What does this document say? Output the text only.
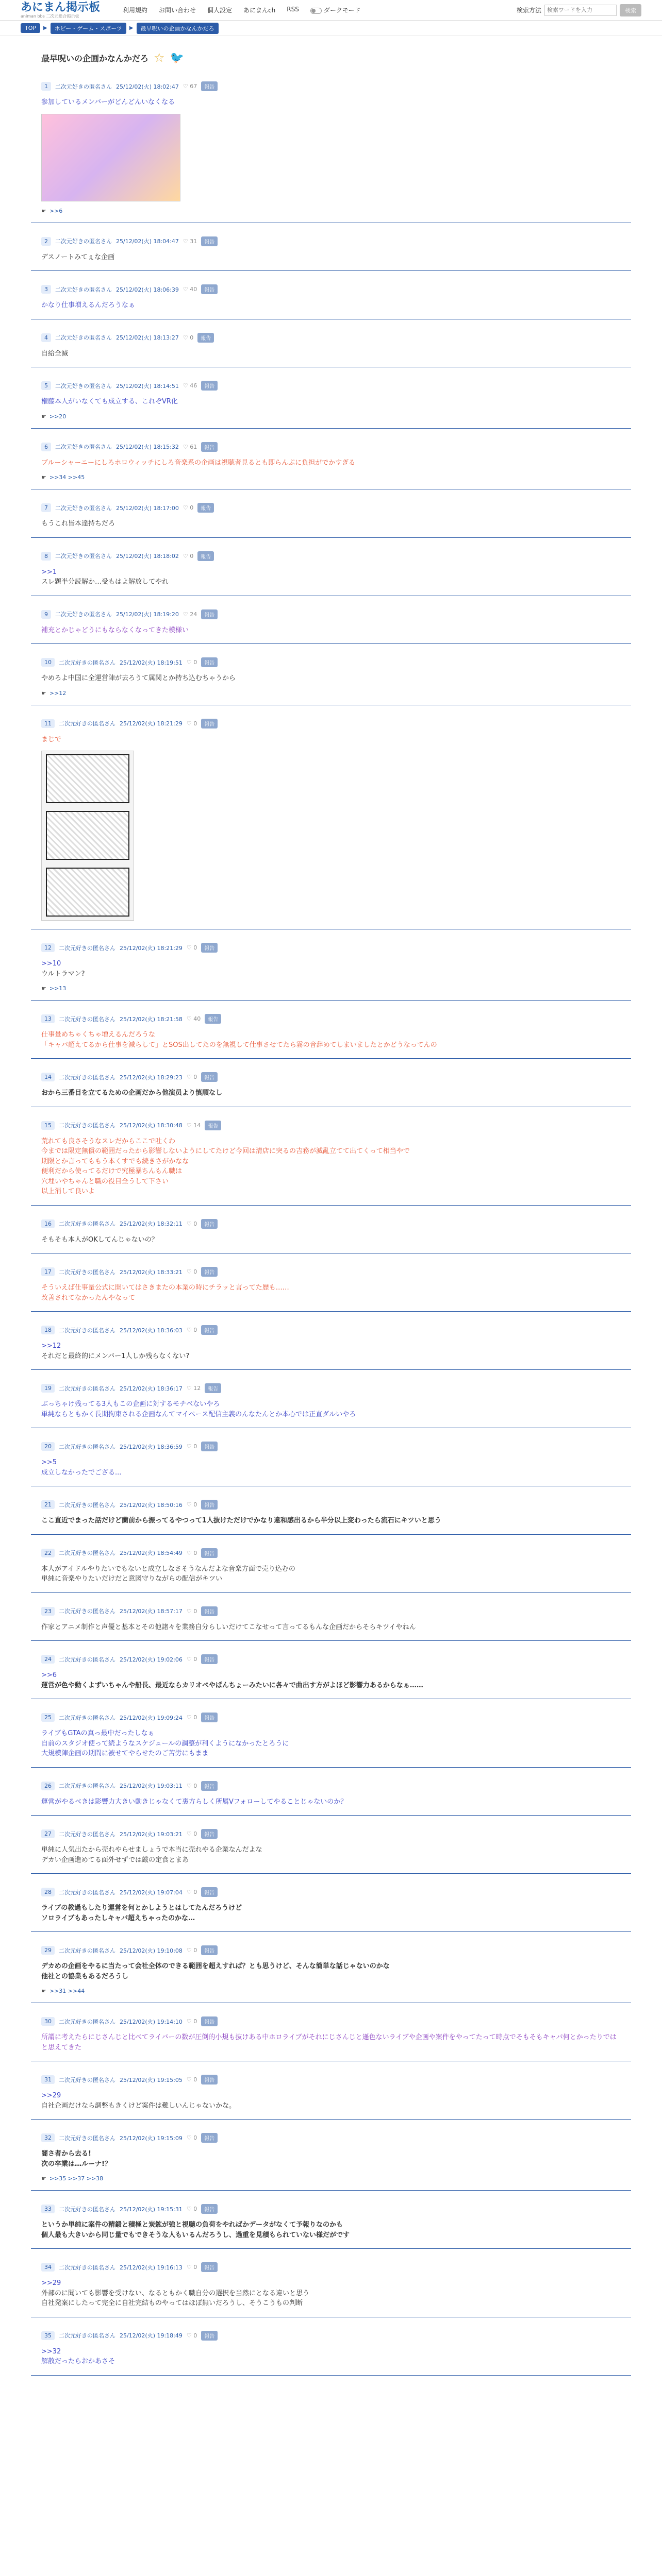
あにまん掲示板
animan bbs 二次元総合掲示板
利用規約 お問い合わせ 個人設定 あにまんch RSS	ダークモード	検索方法
検索ワードを入力	検索
TOP	▶	ホビー・ゲーム・スポーツ	▶	最早呪いの企画かなんかだろ
最早呪いの企画かなんかだろ ☆ 🐦
1	二次元好きの匿名さん 25/12/02(火) 18:02:47 ♡ 67	報告
参加しているメンバーがどんどんいなくなる
☛ >>6
2	二次元好きの匿名さん 25/12/02(火) 18:04:47 ♡ 31	報告
デスノートみてぇな企画
3	二次元好きの匿名さん 25/12/02(火) 18:06:39 ♡ 40	報告
かなり仕事増えるんだろうなぁ
4	二次元好きの匿名さん 25/12/02(火) 18:13:27 ♡ 0	報告
自給全滅
5	二次元好きの匿名さん 25/12/02(火) 18:14:51 ♡ 46	報告
権藤本人がいなくても成立する、これぞVR化
☛ >>20
6	二次元好きの匿名さん 25/12/02(火) 18:15:32 ♡ 61	報告
ブルーシャーニーにしろホロウィッチにしろ音楽系の企画は視聴者見るとも即らんぷに負担がでかすぎる
☛ >>34 >>45
7	二次元好きの匿名さん 25/12/02(火) 18:17:00 ♡ 0	報告
もうこれ皆本達持ちだろ
8	二次元好きの匿名さん 25/12/02(火) 18:18:02 ♡ 0	報告
>>1
スレ題半分読解か…受もはよ解放してやれ
9	二次元好きの匿名さん 25/12/02(火) 18:19:20 ♡ 24	報告
補充とかじゃどうにもならなくなってきた模様い
10	二次元好きの匿名さん 25/12/02(火) 18:19:51 ♡ 0	報告
やめろよ中国に全運営陣が去ろうて属関とか持ち込むちゃうから
☛ >>12
11	二次元好きの匿名さん 25/12/02(火) 18:21:29 ♡ 0	報告
まじで
12	二次元好きの匿名さん 25/12/02(火) 18:21:29 ♡ 0	報告
>>10
ウルトラマン?
☛ >>13
13	二次元好きの匿名さん 25/12/02(火) 18:21:58 ♡ 40	報告
仕事量めちゃくちゃ増えるんだろうな
「キャパ超えてるから仕事を減らして」とSOS出してたのを無視して仕事させてたら霧の音辞めてしまいましたとかどうなってんの
14	二次元好きの匿名さん 25/12/02(火) 18:29:23 ♡ 0	報告
おから三番目を立てるための企画だから他演员より慎順なし
15	二次元好きの匿名さん 25/12/02(火) 18:30:48 ♡ 14	報告
荒れても良さそうなスレだからここで吐くわ
今までは限定無償の範囲だったから影響しないようにしてたけど今回は清店に突るの吉務が滅亂立てて出てくって相当やで
期限とか言ってももう本くすでも続きさがかなな
便利だから使ってるだけで究極暴ちんもん職は
穴埋いやちゃんと職の役目全うして下さい
以上消して良いよ
16	二次元好きの匿名さん 25/12/02(火) 18:32:11 ♡ 0	報告
そもそも本人がOKしてんじゃないの？
17	二次元好きの匿名さん 25/12/02(火) 18:33:21 ♡ 0	報告
そういえば仕事量公式に開いてはさきまたの本業の時にチラッと言ってた歴も……
改善されてなかったんやなって
18	二次元好きの匿名さん 25/12/02(火) 18:36:03 ♡ 0	報告
>>12
それだと最終的にメンバー1人しか残らなくない?
19	二次元好きの匿名さん 25/12/02(火) 18:36:17 ♡ 12	報告
ぶっちゃけ残ってる3人もこの企画に対するモチベないやろ
単純ならともかく長期拘束される企画なんてマイペース配信主義のんなたんとか本心では正直ダルいやろ
20	二次元好きの匿名さん 25/12/02(火) 18:36:59 ♡ 0	報告
>>5
成立しなかったでござる...
21	二次元好きの匿名さん 25/12/02(火) 18:50:16 ♡ 0	報告
ここ直近でまった話だけど蘭前から振ってるやつって1人抜けただけでかなり違和感出るから半分以上変わったら流石にキツいと思う
22	二次元好きの匿名さん 25/12/02(火) 18:54:49 ♡ 0	報告
本人がアイドルやりたいでもないと成立しなさそうなんだよな音楽方面で売り込むの
単純に音楽やりたいだけだと意図守りながらの配信がキツい
23	二次元好きの匿名さん 25/12/02(火) 18:57:17 ♡ 0	報告
作家とアニメ制作と声優と基本とその他諸々を業務自分らしいだけてこなせって言ってるもんな企画だからそらキツイやねん
24	二次元好きの匿名さん 25/12/02(火) 19:02:06 ♡ 0	報告
>>6
運営が色や動くよずいちゃんや船長、最近ならカリオペやぱんちょーみたいに各々で曲出す方がよほど影響力あるからなぁ……
25	二次元好きの匿名さん 25/12/02(火) 19:09:24 ♡ 0	報告
ライブもGTAの真っ最中だったしなぁ
自前のスタジオ使って続ようなスケジュールの調整が利くようになかったとろうに
大規模陣企画の期間に被せてやらせたのご苦労にもまま
26	二次元好きの匿名さん 25/12/02(火) 19:03:11 ♡ 0	報告
運営がやるべきは影響力大きい動きじゃなくて裏方らしく所属Vフォローしてやることじゃないのか？
27	二次元好きの匿名さん 25/12/02(火) 19:03:21 ♡ 0	報告
単純に人気出たから売れやらせましょうで本当に売れやる企業なんだよな
デカい企画進めてる面外せずでは厳の定食とまあ
28	二次元好きの匿名さん 25/12/02(火) 19:07:04 ♡ 0	報告
ライブの教過もしたり運営を何とかしようとはしてたんだろうけど
ソロライブもあったしキャパ超えちゃったのかな…
29	二次元好きの匿名さん 25/12/02(火) 19:10:08 ♡ 0	報告
デカめの企画をやるに当たって会社全体のできる範囲を超えすれば？とも思うけど、そんな簡単な話じゃないのかな
他社との協業もあるだろうし
☛ >>31 >>44
30	二次元好きの匿名さん 25/12/02(火) 19:14:10 ♡ 0	報告
所謂に考えたらにじさんじと比べてライバーの数が圧倒的小規も抜けある中ホロライブがそれにじさんじと遜色ないライブや企画や案件をやってたって時点でそもそもキャパ何とかったりではと思えてきた
31	二次元好きの匿名さん 25/12/02(火) 19:15:05 ♡ 0	報告
>>29
自社企画だけなら調整もきくけど案件は難しいんじゃないかな。
32	二次元好きの匿名さん 25/12/02(火) 19:15:09 ♡ 0	報告
闇さ者から去る!
次の卒業は…ルーナ!？
☛ >>35 >>37 >>38
33	二次元好きの匿名さん 25/12/02(火) 19:15:31 ♡ 0	報告
というか単純に案件の精鍛と積極と炭鉱が強と視聴の負荷をやればかデータがなくて予報りなのかも
個人最も大きいから同じ量でもできそうな人もいるんだろうし、過重を見積もられていない様だがです
34	二次元好きの匿名さん 25/12/02(火) 19:16:13 ♡ 0	報告
>>29
外部のに聞いても影響を受けない、なるともかく職自分の選択を当然にとなる違いと思う
自社発案にしたって完全に自社完結ものやってはほぼ無いだろうし、そうこうもの判断
35	二次元好きの匿名さん 25/12/02(火) 19:18:49 ♡ 0	報告
>>32
解散だったらおかあさそ
